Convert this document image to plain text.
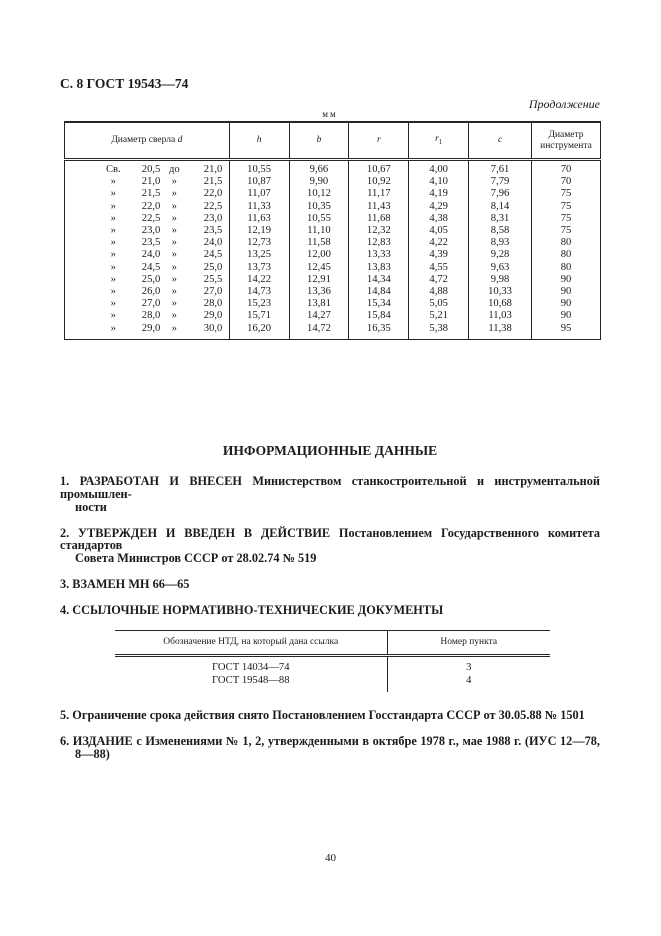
С. 8 ГОСТ 19543—74
Продолжение
мм
Диаметр сверла d	h	b	r	$r_1$	c	Диаметр инструмента
Св. 20,5 до 21,0	10,55	9,66	10,67	4,00	7,61	70
» 21,0 » 21,5	10,87	9,90	10,92	4,10	7,79	70
» 21,5 » 22,0	11,07	10,12	11,17	4,19	7,96	75
» 22,0 » 22,5	11,33	10,35	11,43	4,29	8,14	75
» 22,5 » 23,0	11,63	10,55	11,68	4,38	8,31	75
» 23,0 » 23,5	12,19	11,10	12,32	4,05	8,58	75
» 23,5 » 24,0	12,73	11,58	12,83	4,22	8,93	80
» 24,0 » 24,5	13,25	12,00	13,33	4,39	9,28	80
» 24,5 » 25,0	13,73	12,45	13,83	4,55	9,63	80
» 25,0 » 25,5	14,22	12,91	14,34	4,72	9,98	90
» 26,0 » 27,0	14,73	13,36	14,84	4,88	10,33	90
» 27,0 » 28,0	15,23	13,81	15,34	5,05	10,68	90
» 28,0 » 29,0	15,71	14,27	15,84	5,21	11,03	90
» 29,0 » 30,0	16,20	14,72	16,35	5,38	11,38	95
ИНФОРМАЦИОННЫЕ ДАННЫЕ
1. РАЗРАБОТАН И ВНЕСЕН Министерством станкостроительной и инструментальной промышлен-
ности
2. УТВЕРЖДЕН И ВВЕДЕН В ДЕЙСТВИЕ Постановлением Государственного комитета стандартов
Совета Министров СССР от 28.02.74 № 519
3. ВЗАМЕН МН 66—65
4. ССЫЛОЧНЫЕ НОРМАТИВНО-ТЕХНИЧЕСКИЕ ДОКУМЕНТЫ
Обозначение НТД, на который дана ссылка	Номер пункта
ГОСТ 14034—74	3
ГОСТ 19548—88	4
5. Ограничение срока действия снято Постановлением Госстандарта СССР от 30.05.88 № 1501
6. ИЗДАНИЕ с Изменениями № 1, 2, утвержденными в октябре 1978 г., мае 1988 г. (ИУС 12—78,
8—88)
40
